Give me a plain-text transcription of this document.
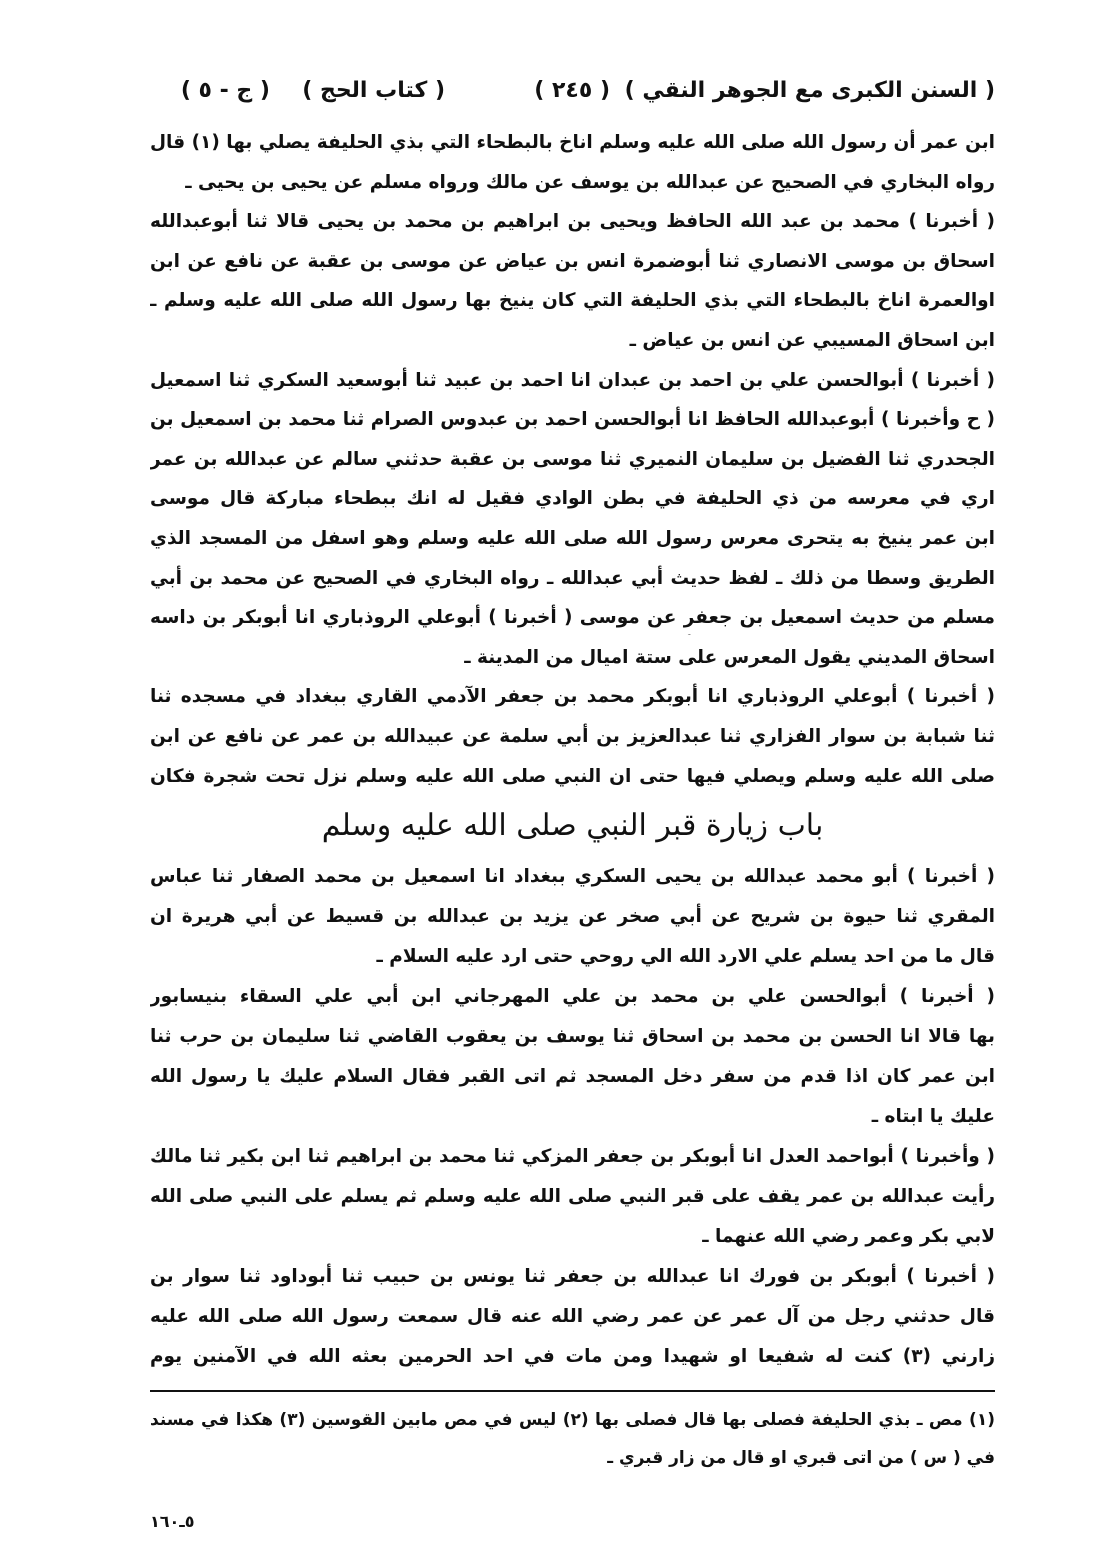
( السنن الكبرى مع الجوهر النقي )
( ٢٤٥ )
( كتاب الحج )
( ج - ٥ )
ابن عمر أن رسول الله صلى الله عليه وسلم اناخ بالبطحاء التي بذي الحليفة يصلي بها (١) قال
رواه البخاري في الصحيح عن عبدالله بن يوسف عن مالك ورواه مسلم عن يحيى بن يحيى ـ
( أخبرنا ) محمد بن عبد الله الحافظ ويحيى بن ابراهيم بن محمد بن يحيى قالا ثنا أبوعبدالله
اسحاق بن موسى الانصاري ثنا أبوضمرة انس بن عياض عن موسى بن عقبة عن نافع عن ابن
اوالعمرة اناخ بالبطحاء التي بذي الحليفة التي كان ينيخ بها رسول الله صلى الله عليه وسلم ـ
ابن اسحاق المسيبي عن انس بن عياض ـ
( أخبرنا ) أبوالحسن علي بن احمد بن عبدان انا احمد بن عبيد ثنا أبوسعيد السكري ثنا اسمعيل
( ح وأخبرنا ) أبوعبدالله الحافظ انا أبوالحسن احمد بن عبدوس الصرام ثنا محمد بن اسمعيل بن
الجحدري ثنا الفضيل بن سليمان النميري ثنا موسى بن عقبة حدثني سالم عن عبدالله بن عمر
اري في معرسه من ذي الحليفة في بطن الوادي فقيل له انك ببطحاء مباركة قال موسى
ابن عمر ينيخ به يتحرى معرس رسول الله صلى الله عليه وسلم وهو اسفل من المسجد الذي
الطريق وسطا من ذلك ـ لفظ حديث أبي عبدالله ـ رواه البخاري في الصحيح عن محمد بن أبي
مسلم من حديث اسمعيل بن جعفر عن موسى ( أخبرنا ) أبوعلي الروذباري انا أبوبكر بن داسه
اسحاق المديني يقول المعرس على ستة اميال من المدينة ـ
( أخبرنا ) أبوعلي الروذباري انا أبوبكر محمد بن جعفر الآدمي القاري ببغداد في مسجده ثنا
ثنا شبابة بن سوار الفزاري ثنا عبدالعزيز بن أبي سلمة عن عبيدالله بن عمر عن نافع عن ابن
صلى الله عليه وسلم ويصلي فيها حتى ان النبي صلى الله عليه وسلم نزل تحت شجرة فكان
باب زيارة قبر النبي صلى الله عليه وسلم
( أخبرنا ) أبو محمد عبدالله بن يحيى السكري ببغداد انا اسمعيل بن محمد الصفار ثنا عباس
المقري ثنا حيوة بن شريح عن أبي صخر عن يزيد بن عبدالله بن قسيط عن أبي هريرة ان
قال ما من احد يسلم علي الارد الله الي روحي حتى ارد عليه السلام ـ
( أخبرنا ) أبوالحسن علي بن محمد بن علي المهرجاني ابن أبي علي السقاء بنيسابور
بها قالا انا الحسن بن محمد بن اسحاق ثنا يوسف بن يعقوب القاضي ثنا سليمان بن حرب ثنا
ابن عمر كان اذا قدم من سفر دخل المسجد ثم اتى القبر فقال السلام عليك يا رسول الله
عليك يا ابتاه ـ
( وأخبرنا ) أبواحمد العدل انا أبوبكر بن جعفر المزكي ثنا محمد بن ابراهيم ثنا ابن بكير ثنا مالك
رأيت عبدالله بن عمر يقف على قبر النبي صلى الله عليه وسلم ثم يسلم على النبي صلى الله
لابي بكر وعمر رضي الله عنهما ـ
( أخبرنا ) أبوبكر بن فورك انا عبدالله بن جعفر ثنا يونس بن حبيب ثنا أبوداود ثنا سوار بن
قال حدثني رجل من آل عمر عن عمر رضي الله عنه قال سمعت رسول الله صلى الله عليه
زارني (٣) كنت له شفيعا او شهيدا ومن مات في احد الحرمين بعثه الله في الآمنين يوم
(١) مص ـ بذي الحليفة فصلى بها قال فصلى بها (٢) ليس في مص مابين القوسين (٣) هكذا في مسند
في ( س ) من اتى قبري او قال من زار قبري ـ
٥ـ١٦٠
